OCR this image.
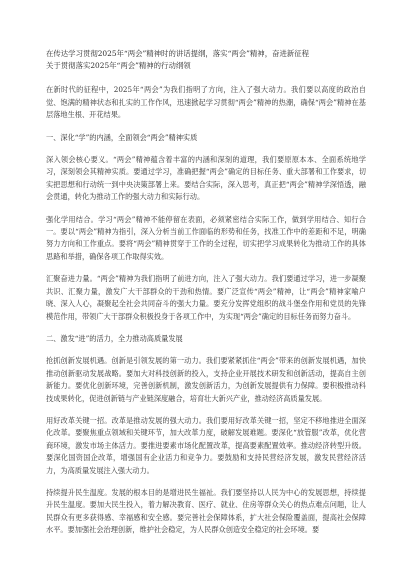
在传达学习贯彻2025年“两会”精神时的讲话提纲，落实“两会”精神，奋进新征程

关于贯彻落实2025年“两会”精神的行动纲领

在新时代的征程中，2025年“两会”为我们指明了方向，注入了强大动力。我们要以高度的政治自觉、饱满的精神状态和扎实的工作作风，迅速掀起学习贯彻“两会”精神的热潮，确保“两会”精神在基层落地生根、开花结果。

一、深化“学”的内涵，全面领会“两会”精神实质

深入领会核心要义。“两会”精神蕴含着丰富的内涵和深刻的道理，我们要原原本本、全面系统地学习，深刻领会其精神实质。要通过学习，准确把握“两会”确定的目标任务、重大部署和工作要求，切实把思想和行动统一到中央决策部署上来。要结合实际，深入思考，真正把“两会”精神学深悟透，融会贯通，转化为推动工作的强大动力和实际行动。

强化学用结合。学习“两会”精神不能停留在表面，必须紧密结合实际工作，做到学用结合、知行合一。要以“两会”精神为指引，深入分析当前工作面临的形势和任务，找准工作中的差距和不足，明确努力方向和工作重点。要将“两会”精神贯穿于工作的全过程，切实把学习成果转化为推动工作的具体思路和举措，确保各项工作取得实效。

汇聚奋进力量。“两会”精神为我们指明了前进方向，注入了强大动力。我们要通过学习，进一步凝聚共识、汇聚力量，激发广大干部群众的干劲和热情。要广泛宣传“两会”精神，让“两会”精神家喻户晓、深入人心，凝聚起全社会共同奋斗的强大力量。要充分发挥党组织的战斗堡垒作用和党员的先锋模范作用，带领广大干部群众积极投身于各项工作中，为实现“两会”确定的目标任务而努力奋斗。

二、激发“进”的活力，全力推动高质量发展

抢抓创新发展机遇。创新是引领发展的第一动力。我们要紧紧抓住“两会”带来的创新发展机遇，加快推动创新驱动发展战略。要加大对科技创新的投入，支持企业开展技术研发和创新活动，提高自主创新能力。要优化创新环境，完善创新机制，激发创新活力，为创新发展提供有力保障。要积极推动科技成果转化，促进创新链与产业链深度融合，培育壮大新兴产业，推动经济高质量发展。

用好改革关键一招。改革是推动发展的强大动力。我们要用好改革关键一招，坚定不移地推进全面深化改革。要聚焦重点领域和关键环节，加大改革力度，破解发展难题。要深化“放管服”改革，优化营商环境，激发市场主体活力。要推进要素市场化配置改革，提高要素配置效率。推动经济转型升级。要深化国资国企改革，增强国有企业活力和竞争力。要鼓励和支持民营经济发展，激发民营经济活力，为高质量发展注入强大动力。

持续提升民生温度。发展的根本目的是增进民生福祉。我们要坚持以人民为中心的发展思想，持续提升民生温度。要加大民生投入，着力解决教育、医疗、就业、住房等群众关心的热点难点问题，让人民群众有更多获得感、幸福感和安全感。要完善社会保障体系，扩大社会保险覆盖面，提高社会保障水平。要加强社会治理创新，维护社会稳定，为人民群众创造安全稳定的社会环境。要
